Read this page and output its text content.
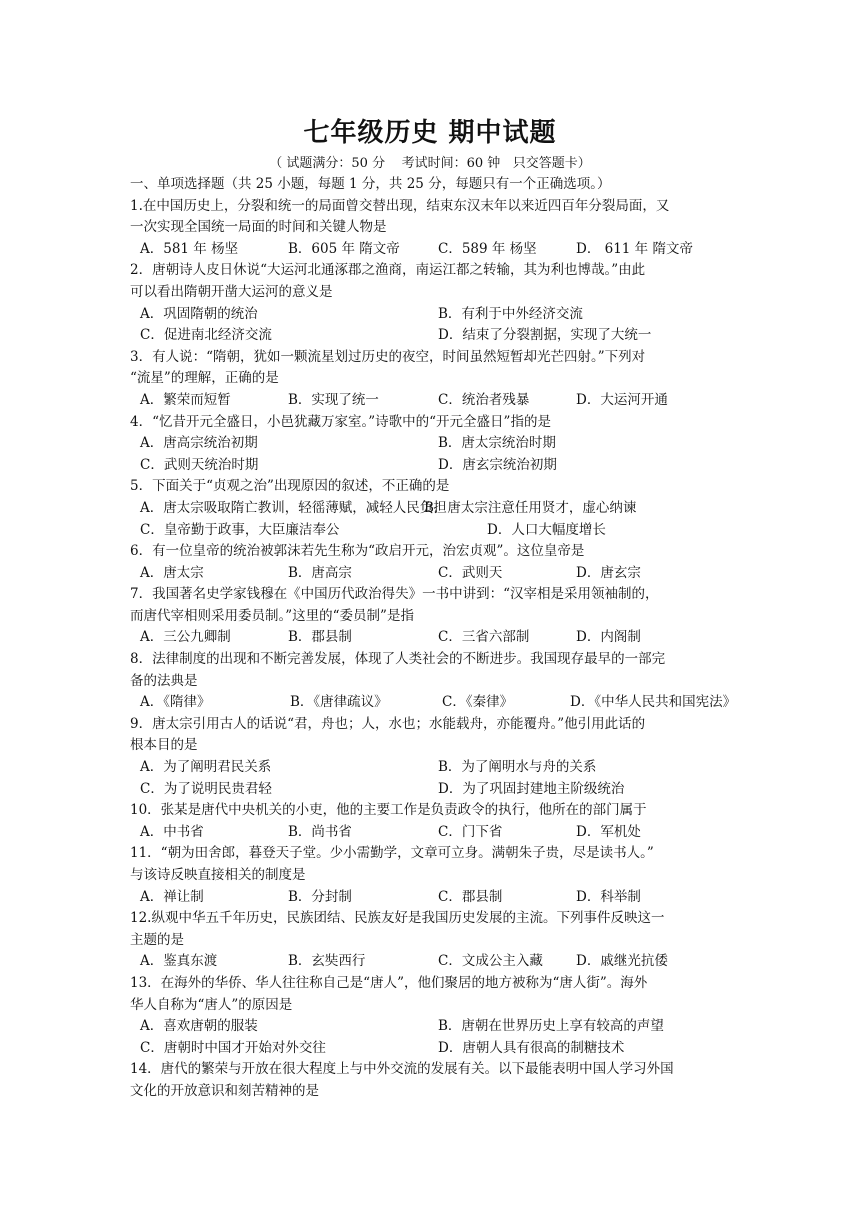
七年级历史 期中试题
（ 试题满分：50 分    考试时间：60 钟   只交答题卡）
一、单项选择题（共 25 小题，每题 1 分，共 25 分，每题只有一个正确选项。）
1.在中国历史上，分裂和统一的局面曾交替出现，结束东汉末年以来近四百年分裂局面，又
一次实现全国统一局面的时间和关键人物是
A．581 年 杨坚	B．605 年 隋文帝	C．589 年 杨坚	D． 611 年 隋文帝
2．唐朝诗人皮日休说“大运河北通涿郡之渔商，南运江都之转输，其为利也博哉。”由此
可以看出隋朝开凿大运河的意义是
A．巩固隋朝的统治	B．有利于中外经济交流
C．促进南北经济交流	D．结束了分裂割据，实现了大统一
3．有人说：“隋朝，犹如一颗流星划过历史的夜空，时间虽然短暂却光芒四射。”下列对
“流星”的理解，正确的是
A．繁荣而短暂	B．实现了统一	C．统治者残暴	D．大运河开通
4．“忆昔开元全盛日，小邑犹藏万家室。”诗歌中的“开元全盛日”指的是
A．唐高宗统治初期	B．唐太宗统治时期
C．武则天统治时期	D．唐玄宗统治初期
5．下面关于“贞观之治”出现原因的叙述，不正确的是
A．唐太宗吸取隋亡教训，轻徭薄赋，减轻人民负担
B．唐太宗注意任用贤才，虚心纳谏
C．皇帝勤于政事，大臣廉洁奉公	D．人口大幅度增长
6．有一位皇帝的统治被郭沫若先生称为“政启开元，治宏贞观”。这位皇帝是
A．唐太宗	B．唐高宗	C．武则天	D．唐玄宗
7．我国著名史学家钱穆在《中国历代政治得失》一书中讲到：“汉宰相是采用领袖制的，
而唐代宰相则采用委员制。”这里的“委员制”是指
A．三公九卿制	B．郡县制	C．三省六部制	D．内阁制
8．法律制度的出现和不断完善发展，体现了人类社会的不断进步。我国现存最早的一部完
备的法典是
A．《隋律》	B．《唐律疏议》	C．《秦律》	D．《中华人民共和国宪法》
9．唐太宗引用古人的话说“君，舟也；人，水也；水能载舟，亦能覆舟。”他引用此话的
根本目的是
A．为了阐明君民关系	B．为了阐明水与舟的关系
C．为了说明民贵君轻	D．为了巩固封建地主阶级统治
10．张某是唐代中央机关的小吏，他的主要工作是负责政令的执行，他所在的部门属于
A．中书省	B．尚书省	C．门下省	D．军机处
11．“朝为田舍郎，暮登天子堂。少小需勤学，文章可立身。满朝朱子贵，尽是读书人。”
与该诗反映直接相关的制度是
A．禅让制	B．分封制	C．郡县制	D．科举制
12.纵观中华五千年历史，民族团结、民族友好是我国历史发展的主流。下列事件反映这一
主题的是
A．鉴真东渡	B．玄奘西行	C．文成公主入藏 D．戚继光抗倭
13．在海外的华侨、华人往往称自己是“唐人”，他们聚居的地方被称为“唐人街”。海外
华人自称为“唐人”的原因是
A．喜欢唐朝的服装	B．唐朝在世界历史上享有较高的声望
C．唐朝时中国才开始对外交往	D．唐朝人具有很高的制糖技术
14．唐代的繁荣与开放在很大程度上与中外交流的发展有关。以下最能表明中国人学习外国
文化的开放意识和刻苦精神的是
